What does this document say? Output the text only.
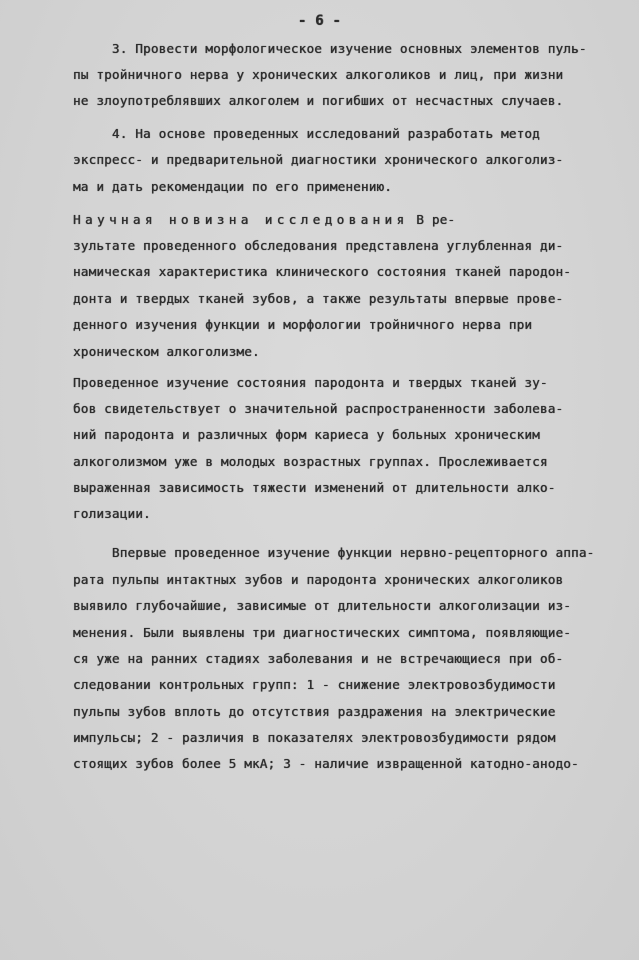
- 6 -
3. Провести морфологическое изучение основных элементов пуль-
пы тройничного нерва у хронических алкоголиков и лиц, при жизни
не злоупотреблявших алкоголем и погибших от несчастных случаев.
4. На основе проведенных исследований разработать метод
экспресс- и предварительной диагностики хронического алкоголиз-
ма и дать рекомендации по его применению.
Научная новизна исследования В ре-
зультате проведенного обследования представлена углубленная ди-
намическая характеристика клинического состояния тканей пародон-
донта и твердых тканей зубов, а также результаты впервые прове-
денного изучения функции и морфологии тройничного нерва при
хроническом алкоголизме.
Проведенное изучение состояния пародонта и твердых тканей зу-
бов свидетельствует о значительной распространенности заболева-
ний пародонта и различных форм кариеса у больных хроническим
алкоголизмом уже в молодых возрастных группах. Прослеживается
выраженная зависимость тяжести изменений от длительности алко-
голизации.
Впервые проведенное изучение функции нервно-рецепторного аппа-
рата пульпы интактных зубов и пародонта хронических алкоголиков
выявило глубочайшие, зависимые от длительности алкоголизации из-
менения. Были выявлены три диагностических симптома, появляющие-
ся уже на ранних стадиях заболевания и не встречающиеся при об-
следовании контрольных групп: 1 - снижение электровозбудимости
пульпы зубов вплоть до отсутствия раздражения на электрические
импульсы; 2 - различия в показателях электровозбудимости рядом
стоящих зубов более 5 мкА; 3 - наличие извращенной катодно-анодо-
